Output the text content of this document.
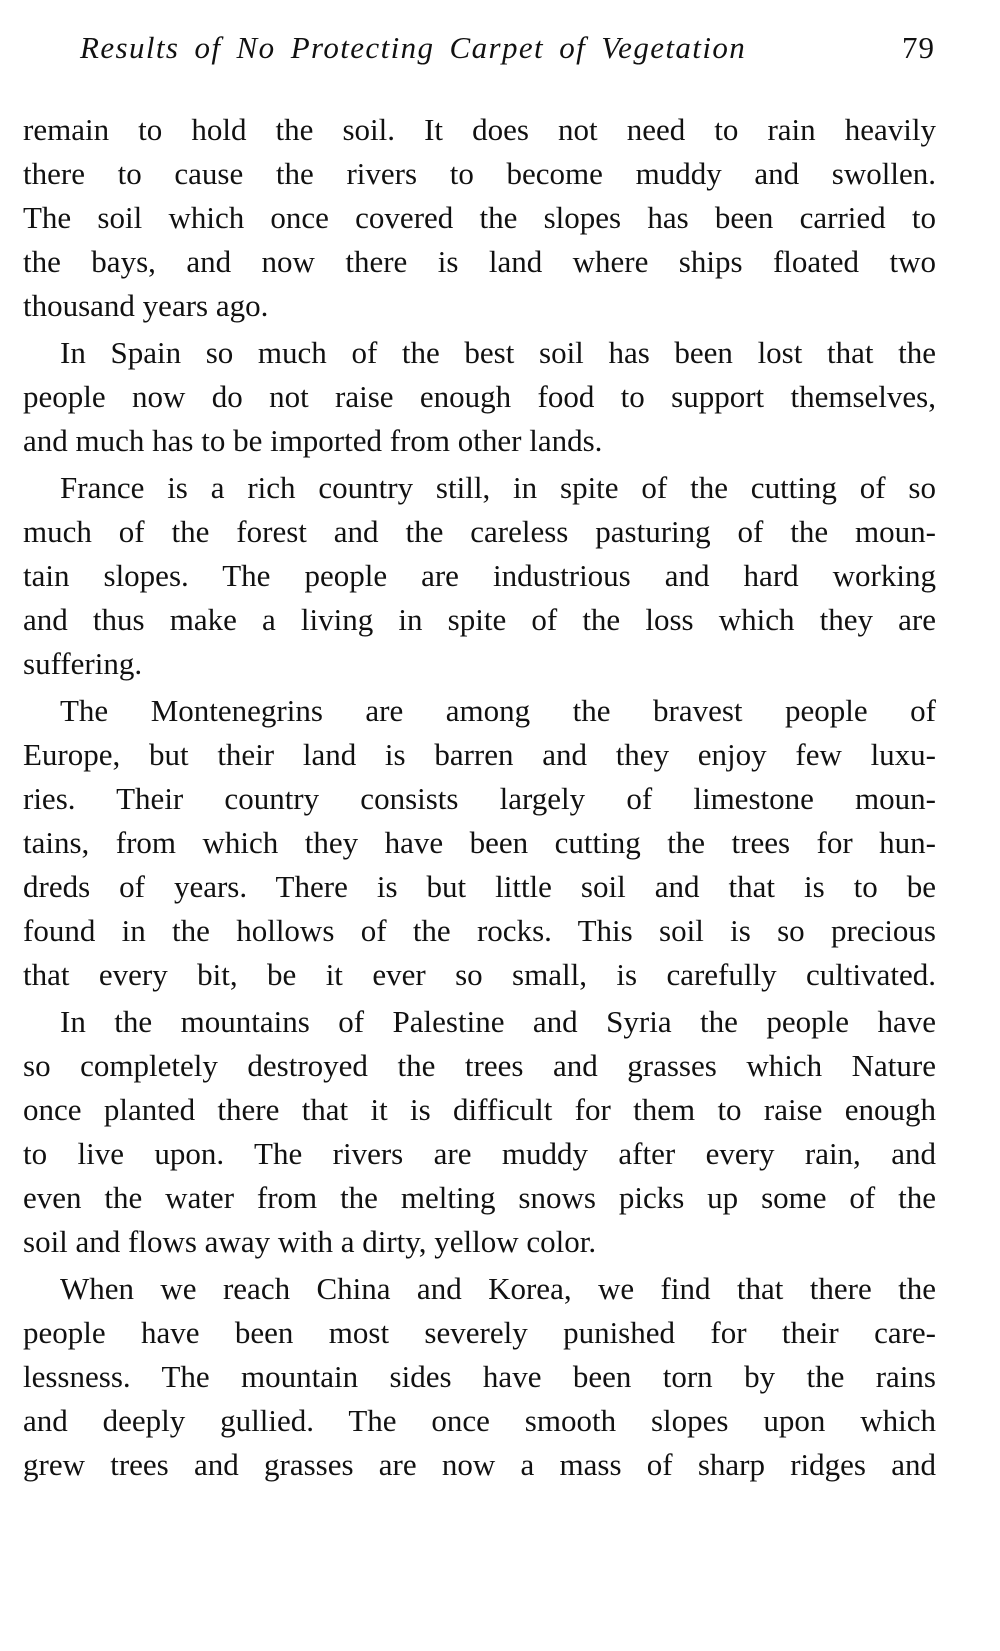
Results of No Protecting Carpet of Vegetation	79
remain to hold the soil. It does not need to rain heavily
there to cause the rivers to become muddy and swollen.
The soil which once covered the slopes has been carried to
the bays, and now there is land where ships floated two
thousand years ago.
In Spain so much of the best soil has been lost that the
people now do not raise enough food to support themselves,
and much has to be imported from other lands.
France is a rich country still, in spite of the cutting of so
much of the forest and the careless pasturing of the moun-
tain slopes. The people are industrious and hard working
and thus make a living in spite of the loss which they are
suffering.
The Montenegrins are among the bravest people of
Europe, but their land is barren and they enjoy few luxu-
ries. Their country consists largely of limestone moun-
tains, from which they have been cutting the trees for hun-
dreds of years. There is but little soil and that is to be
found in the hollows of the rocks. This soil is so precious
that every bit, be it ever so small, is carefully cultivated.
In the mountains of Palestine and Syria the people have
so completely destroyed the trees and grasses which Nature
once planted there that it is difficult for them to raise enough
to live upon. The rivers are muddy after every rain, and
even the water from the melting snows picks up some of the
soil and flows away with a dirty, yellow color.
When we reach China and Korea, we find that there the
people have been most severely punished for their care-
lessness. The mountain sides have been torn by the rains
and deeply gullied. The once smooth slopes upon which
grew trees and grasses are now a mass of sharp ridges and
